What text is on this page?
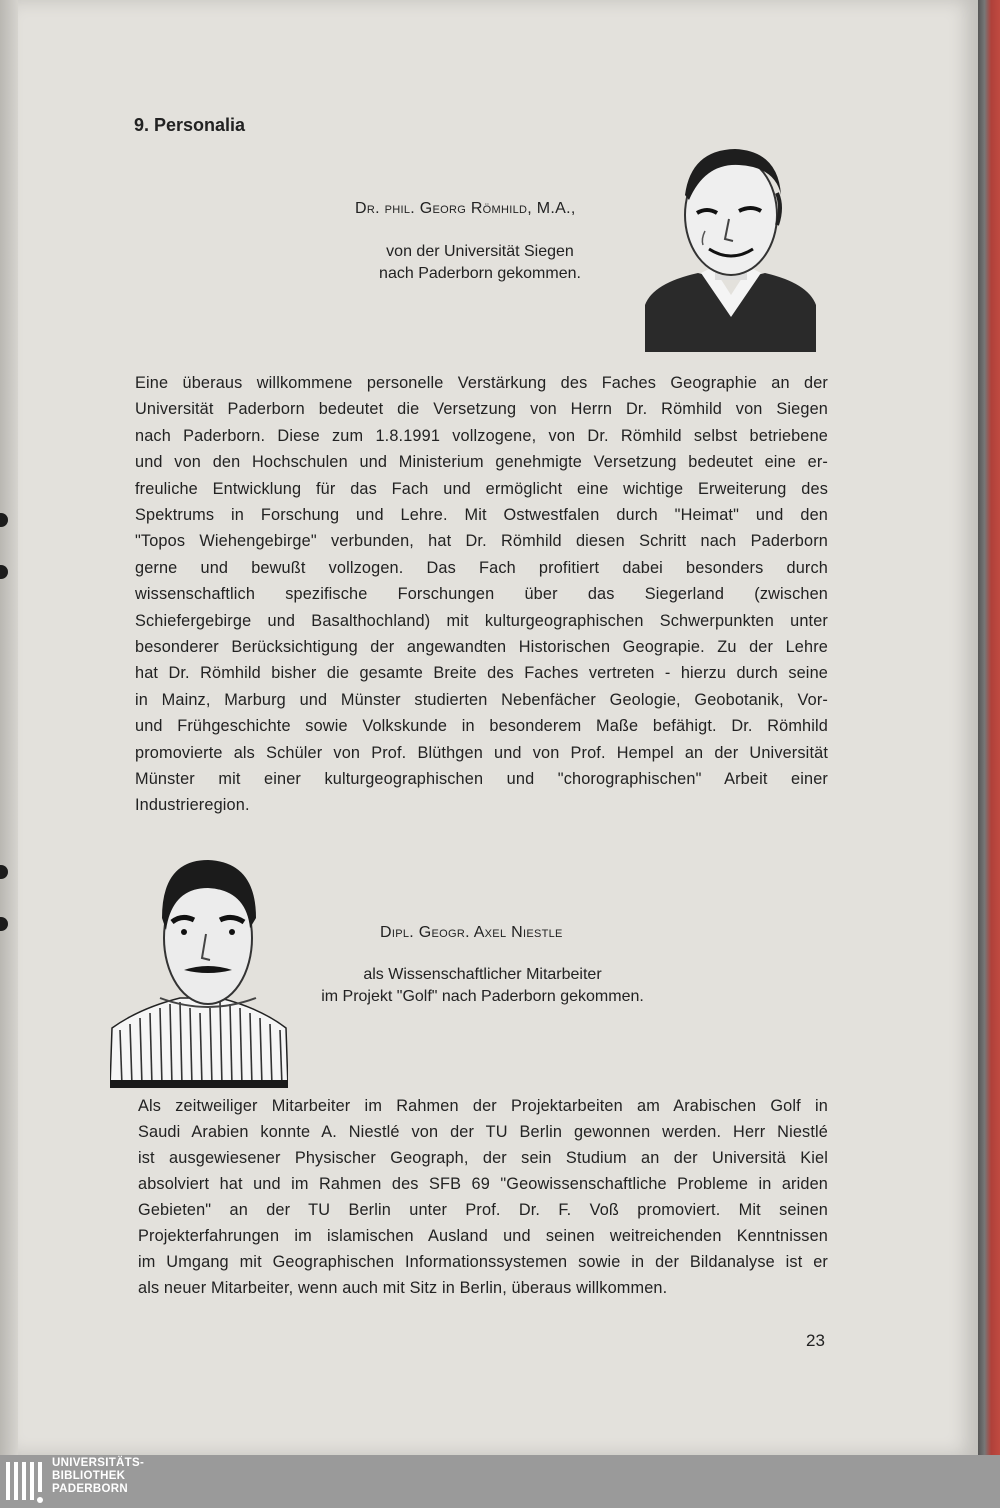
9. Personalia

Dr. phil. Georg Römhild, M.A.,

von der Universität Siegen

nach Paderborn gekommen.

Eine überaus willkommene personelle Verstärkung des Faches Geographie an der

Universität Paderborn bedeutet die Versetzung von Herrn Dr. Römhild von Siegen

nach Paderborn. Diese zum 1.8.1991 vollzogene, von Dr. Römhild selbst betriebene

und von den Hochschulen und Ministerium genehmigte Versetzung bedeutet eine er-

freuliche Entwicklung für das Fach und ermöglicht eine wichtige Erweiterung des

Spektrums in Forschung und Lehre. Mit Ostwestfalen durch "Heimat" und den

"Topos Wiehengebirge" verbunden, hat Dr. Römhild diesen Schritt nach Paderborn

gerne und bewußt vollzogen. Das Fach profitiert dabei besonders durch

wissenschaftlich spezifische Forschungen über das Siegerland (zwischen

Schiefergebirge und Basalthochland) mit kulturgeographischen Schwerpunkten unter

besonderer Berücksichtigung der angewandten Historischen Geograpie. Zu der Lehre

hat Dr. Römhild bisher die gesamte Breite des Faches vertreten - hierzu durch seine

in Mainz, Marburg und Münster studierten Nebenfächer Geologie, Geobotanik, Vor-

und Frühgeschichte sowie Volkskunde in besonderem Maße befähigt. Dr. Römhild

promovierte als Schüler von Prof. Blüthgen und von Prof. Hempel an der Universität

Münster mit einer kulturgeographischen und "chorographischen" Arbeit einer

Industrieregion.

Dipl. Geogr. Axel Niestle

als Wissenschaftlicher Mitarbeiter

im Projekt "Golf" nach Paderborn gekommen.

Als zeitweiliger Mitarbeiter im Rahmen der Projektarbeiten am Arabischen Golf in

Saudi Arabien konnte A. Niestlé von der TU Berlin gewonnen werden. Herr Niestlé

ist ausgewiesener Physischer Geograph, der sein Studium an der Universitä Kiel

absolviert hat und im Rahmen des SFB 69 "Geowissenschaftliche Probleme in ariden

Gebieten" an der TU Berlin unter Prof. Dr. F. Voß promoviert. Mit seinen

Projekterfahrungen im islamischen Ausland und seinen weitreichenden Kenntnissen

im Umgang mit Geographischen Informationssystemen sowie in der Bildanalyse ist er

als neuer Mitarbeiter, wenn auch mit Sitz in Berlin, überaus willkommen.

23

UNIVERSITÄTS-
BIBLIOTHEK
PADERBORN
